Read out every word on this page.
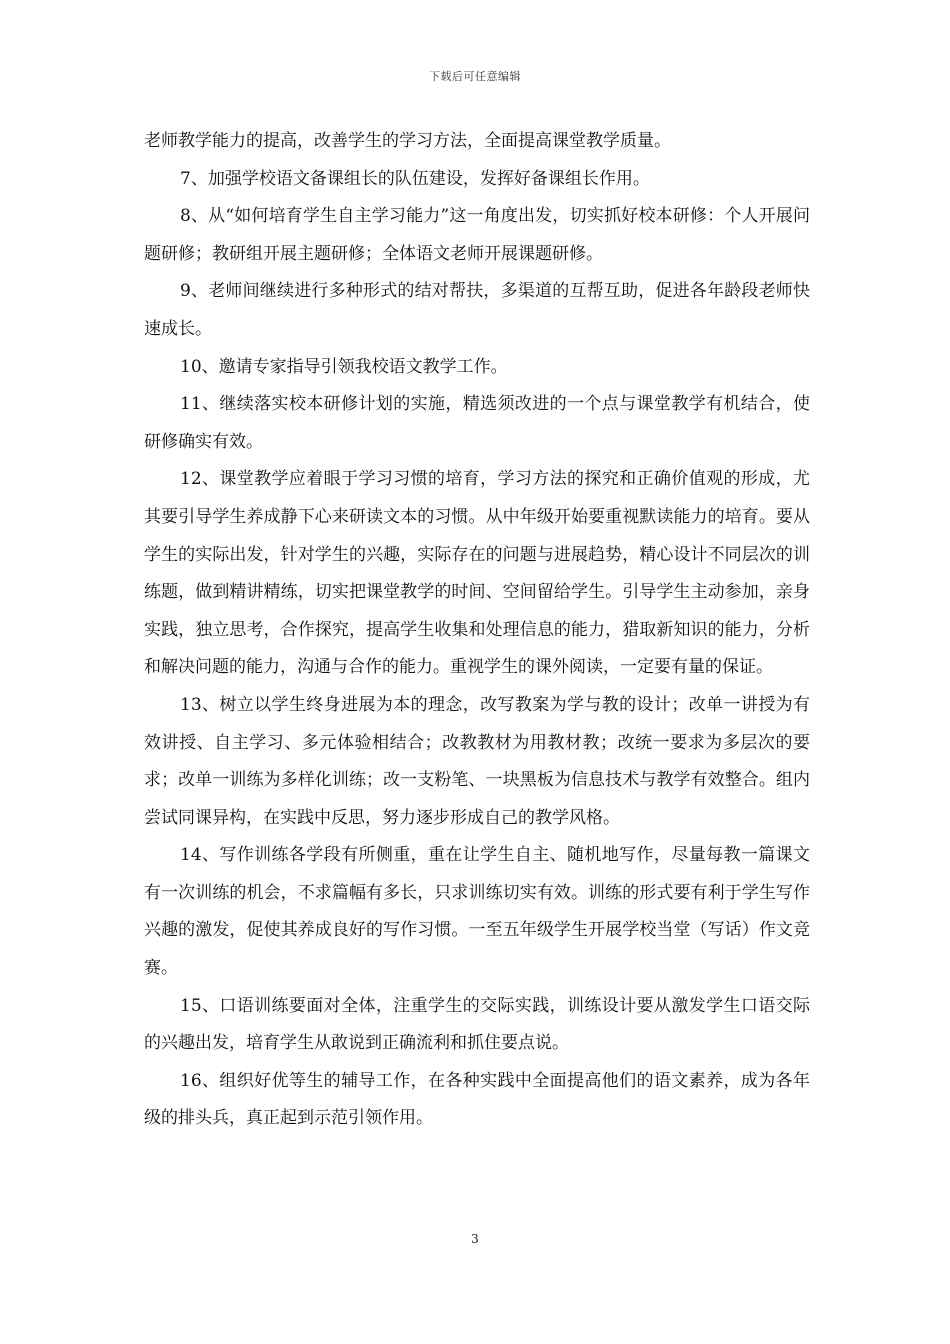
下载后可任意编辑

老师教学能力的提高，改善学生的学习方法，全面提高课堂教学质量。

7、加强学校语文备课组长的队伍建设，发挥好备课组长作用。

8、从“如何培育学生自主学习能力”这一角度出发，切实抓好校本研修：个人开展问题研修；教研组开展主题研修；全体语文老师开展课题研修。

9、老师间继续进行多种形式的结对帮扶，多渠道的互帮互助，促进各年龄段老师快速成长。

10、邀请专家指导引领我校语文教学工作。

11、继续落实校本研修计划的实施，精选须改进的一个点与课堂教学有机结合，使研修确实有效。

12、课堂教学应着眼于学习习惯的培育，学习方法的探究和正确价值观的形成，尤其要引导学生养成静下心来研读文本的习惯。从中年级开始要重视默读能力的培育。要从学生的实际出发，针对学生的兴趣，实际存在的问题与进展趋势，精心设计不同层次的训练题，做到精讲精练，切实把课堂教学的时间、空间留给学生。引导学生主动参加，亲身实践，独立思考，合作探究，提高学生收集和处理信息的能力，猎取新知识的能力，分析和解决问题的能力，沟通与合作的能力。重视学生的课外阅读，一定要有量的保证。

13、树立以学生终身进展为本的理念，改写教案为学与教的设计；改单一讲授为有效讲授、自主学习、多元体验相结合；改教教材为用教材教；改统一要求为多层次的要求；改单一训练为多样化训练；改一支粉笔、一块黑板为信息技术与教学有效整合。组内尝试同课异构，在实践中反思，努力逐步形成自己的教学风格。

14、写作训练各学段有所侧重，重在让学生自主、随机地写作，尽量每教一篇课文有一次训练的机会，不求篇幅有多长，只求训练切实有效。训练的形式要有利于学生写作兴趣的激发，促使其养成良好的写作习惯。一至五年级学生开展学校当堂（写话）作文竞赛。

15、口语训练要面对全体，注重学生的交际实践，训练设计要从激发学生口语交际的兴趣出发，培育学生从敢说到正确流利和抓住要点说。

16、组织好优等生的辅导工作，在各种实践中全面提高他们的语文素养，成为各年级的排头兵，真正起到示范引领作用。

3
